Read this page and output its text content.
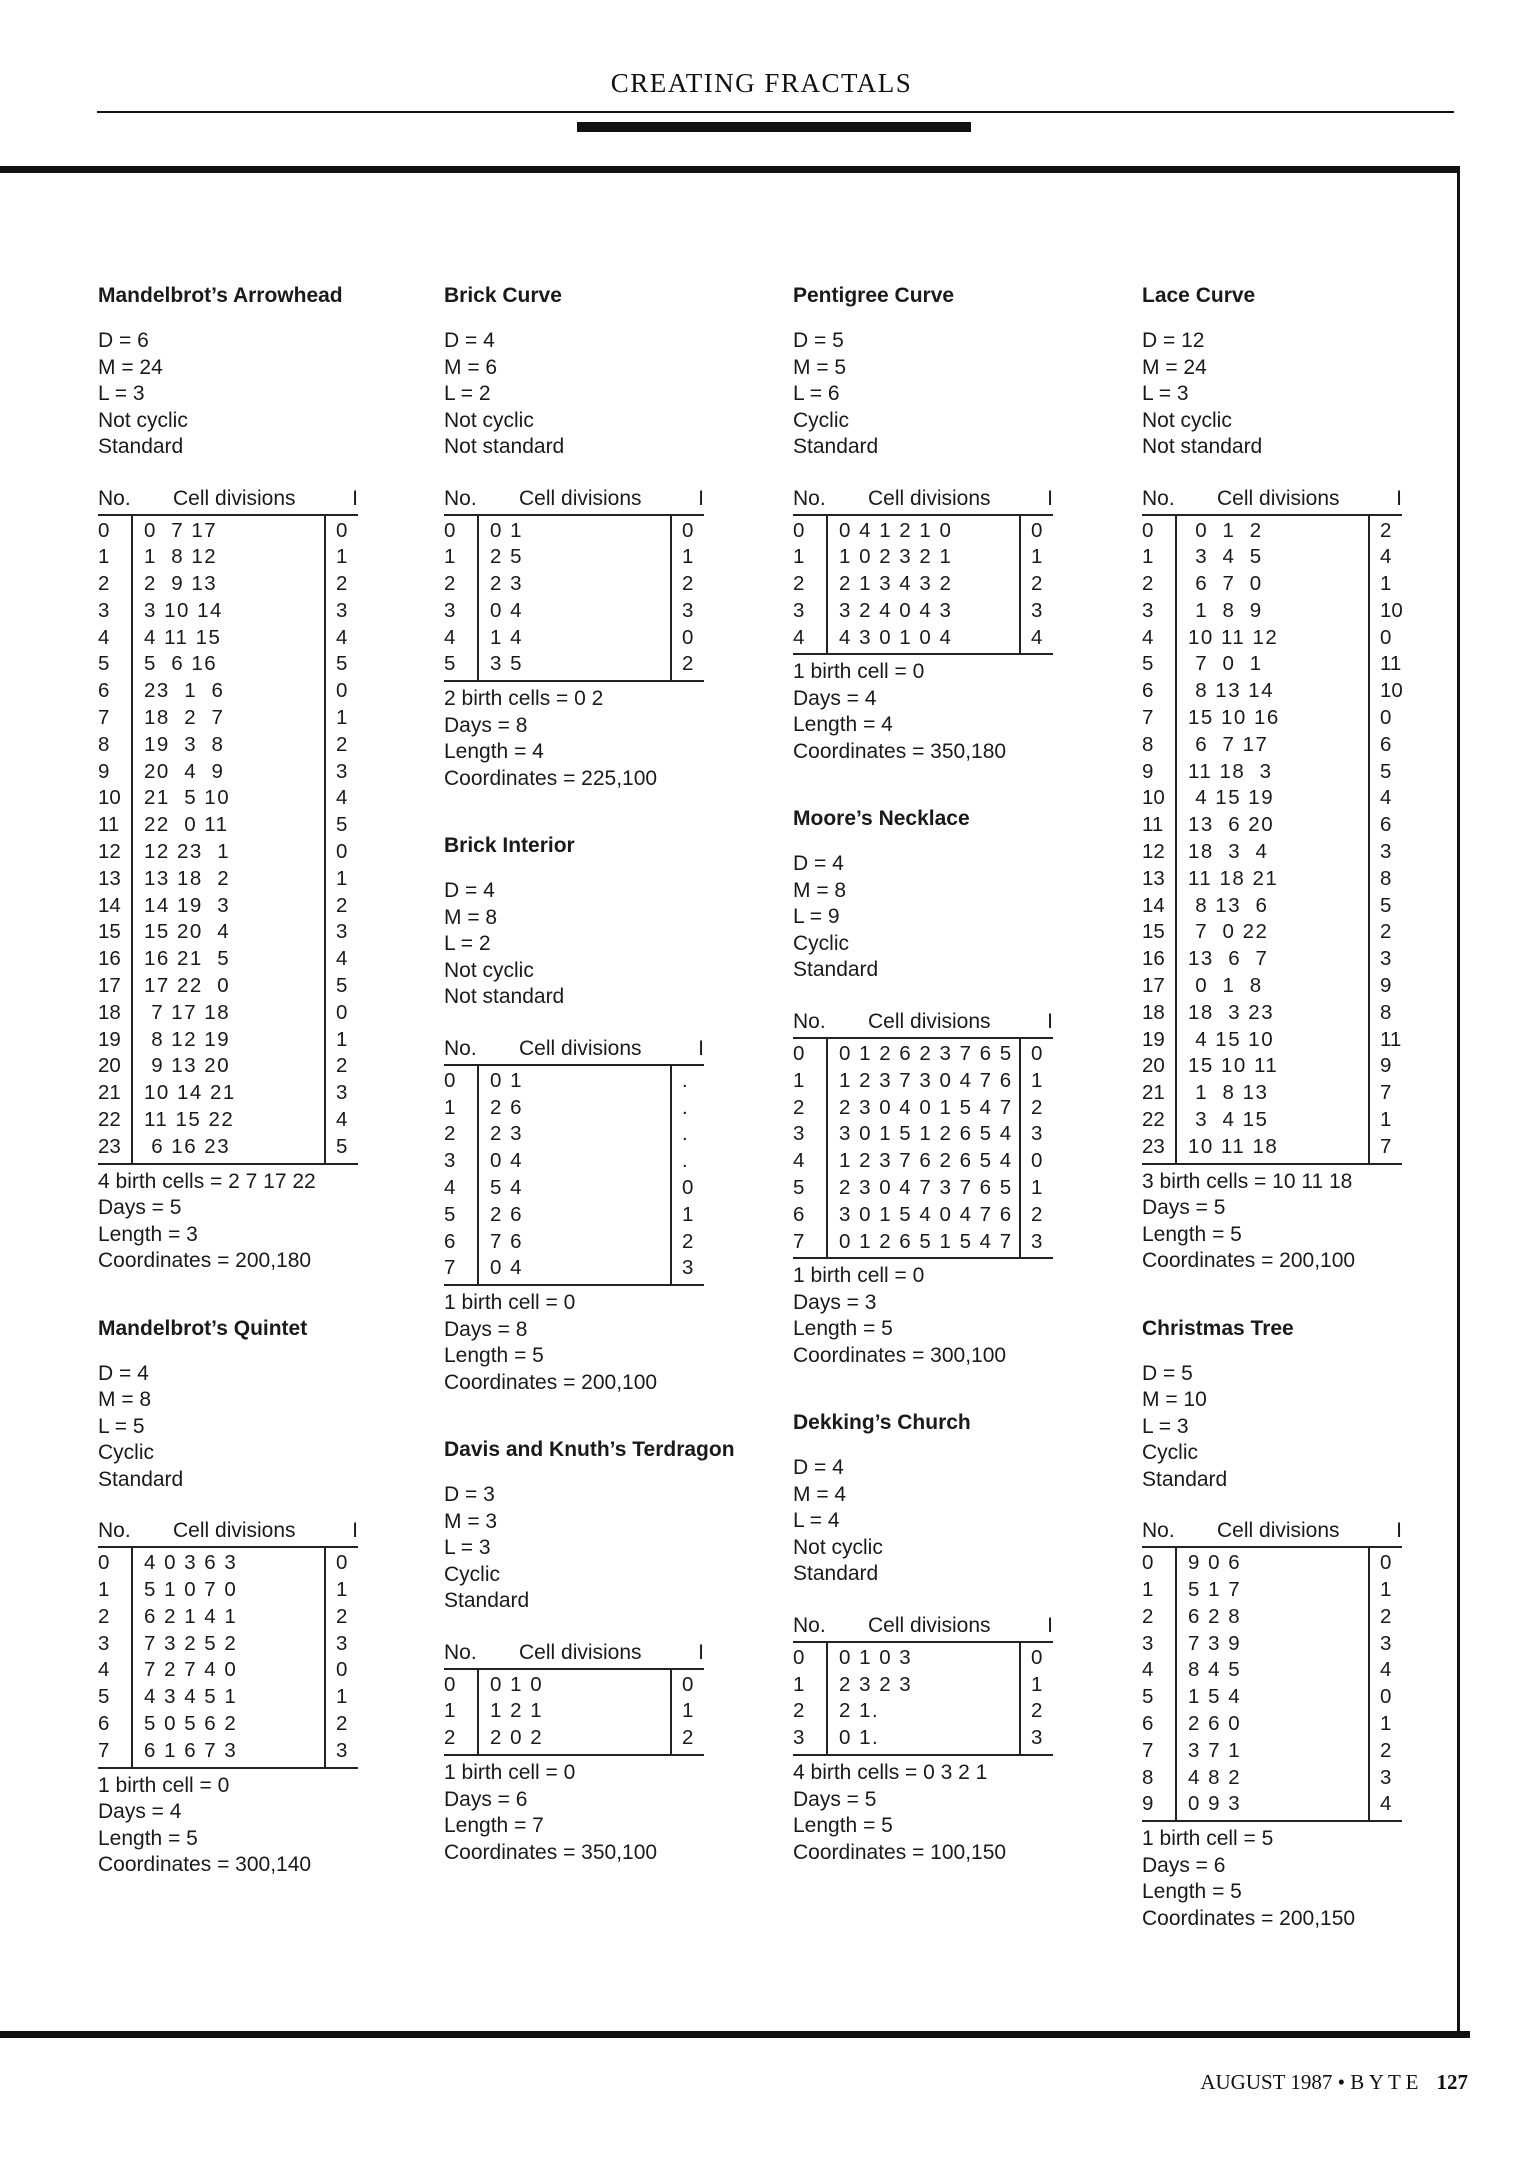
CREATING FRACTALS
Mandelbrot’s Arrowhead
D = 6
M = 24
L = 3
Not cyclic
Standard
No. Cell divisions	I
0	0  7 17	0
1	1  8 12	1
2	2  9 13	2
3	3 10 14	3
4	4 11 15	4
5	5  6 16	5
6	23  1  6	0
7	18  2  7	1
8	19  3  8	2
9	20  4  9	3
10	21  5 10	4
11	22  0 11	5
12	12 23  1	0
13	13 18  2	1
14	14 19  3	2
15	15 20  4	3
16	16 21  5	4
17	17 22  0	5
18	7 17 18	0
19	8 12 19	1
20	9 13 20	2
21	10 14 21	3
22	11 15 22	4
23	6 16 23	5
4 birth cells = 2 7 17 22
Days = 5
Length = 3
Coordinates = 200,180
Mandelbrot’s Quintet
D = 4
M = 8
L = 5
Cyclic
Standard
No. Cell divisions	I
0	4 0 3 6 3	0
1	5 1 0 7 0	1
2	6 2 1 4 1	2
3	7 3 2 5 2	3
4	7 2 7 4 0	0
5	4 3 4 5 1	1
6	5 0 5 6 2	2
7	6 1 6 7 3	3
1 birth cell = 0
Days = 4
Length = 5
Coordinates = 300,140
Brick Curve
D = 4
M = 6
L = 2
Not cyclic
Not standard
No. Cell divisions	I
0	0 1	0
1	2 5	1
2	2 3	2
3	0 4	3
4	1 4	0
5	3 5	2
2 birth cells = 0 2
Days = 8
Length = 4
Coordinates = 225,100
Brick Interior
D = 4
M = 8
L = 2
Not cyclic
Not standard
No. Cell divisions	I
0	0 1	.
1	2 6	.
2	2 3	.
3	0 4	.
4	5 4	0
5	2 6	1
6	7 6	2
7	0 4	3
1 birth cell = 0
Days = 8
Length = 5
Coordinates = 200,100
Davis and Knuth’s Terdragon
D = 3
M = 3
L = 3
Cyclic
Standard
No. Cell divisions	I
0	0 1 0	0
1	1 2 1	1
2	2 0 2	2
1 birth cell = 0
Days = 6
Length = 7
Coordinates = 350,100
Pentigree Curve
D = 5
M = 5
L = 6
Cyclic
Standard
No. Cell divisions	I
0	0 4 1 2 1 0	0
1	1 0 2 3 2 1	1
2	2 1 3 4 3 2	2
3	3 2 4 0 4 3	3
4	4 3 0 1 0 4	4
1 birth cell = 0
Days = 4
Length = 4
Coordinates = 350,180
Moore’s Necklace
D = 4
M = 8
L = 9
Cyclic
Standard
No. Cell divisions	I
0	0 1 2 6 2 3 7 6 5 0
1	1 2 3 7 3 0 4 7 6 1
2	2 3 0 4 0 1 5 4 7 2
3	3 0 1 5 1 2 6 5 4 3
4	1 2 3 7 6 2 6 5 4 0
5	2 3 0 4 7 3 7 6 5 1
6	3 0 1 5 4 0 4 7 6 2
7	0 1 2 6 5 1 5 4 7 3
1 birth cell = 0
Days = 3
Length = 5
Coordinates = 300,100
Dekking’s Church
D = 4
M = 4
L = 4
Not cyclic
Standard
No. Cell divisions	I
0	0 1 0 3	0
1	2 3 2 3	1
2	2 1.	2
3	0 1.	3
4 birth cells = 0 3 2 1
Days = 5
Length = 5
Coordinates = 100,150
Lace Curve
D = 12
M = 24
L = 3
Not cyclic
Not standard
No. Cell divisions	I
0	0  1  2	2
1	3  4  5	4
2	6  7  0	1
3	1  8  9	10
4	10 11 12	0
5	7  0  1	11
6	8 13 14	10
7	15 10 16	0
8	6  7 17	6
9	11 18  3	5
10	4 15 19	4
11	13  6 20	6
12	18  3  4	3
13	11 18 21	8
14	8 13  6	5
15	7  0 22	2
16	13  6  7	3
17	0  1  8	9
18	18  3 23	8
19	4 15 10	11
20	15 10 11	9
21	1  8 13	7
22	3  4 15	1
23	10 11 18	7
3 birth cells = 10 11 18
Days = 5
Length = 5
Coordinates = 200,100
Christmas Tree
D = 5
M = 10
L = 3
Cyclic
Standard
No. Cell divisions	I
0	9 0 6	0
1	5 1 7	1
2	6 2 8	2
3	7 3 9	3
4	8 4 5	4
5	1 5 4	0
6	2 6 0	1
7	3 7 1	2
8	4 8 2	3
9	0 9 3	4
1 birth cell = 5
Days = 6
Length = 5
Coordinates = 200,150
AUGUST 1987 • B Y T E 127
